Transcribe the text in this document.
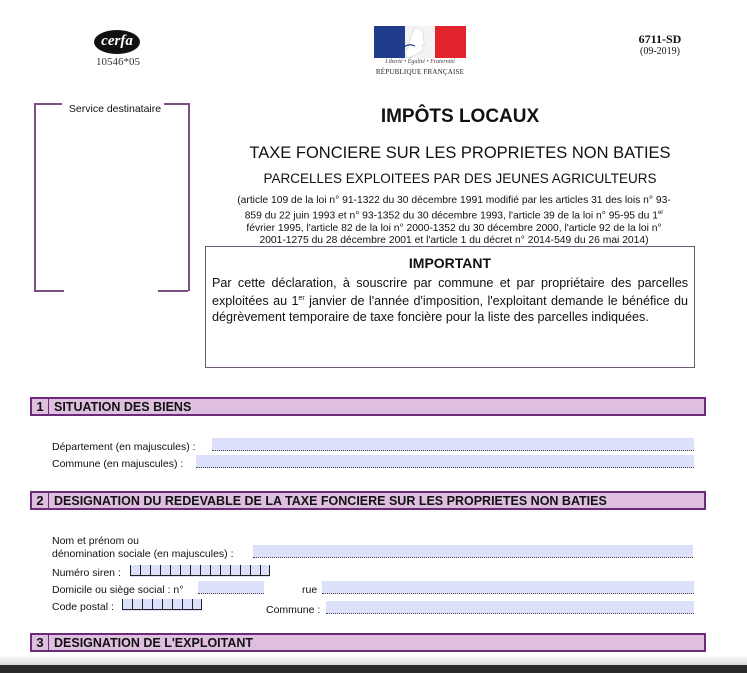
cerfa
10546*05	Liberté • Égalité • Fraternité
RÉPUBLIQUE FRANÇAISE
6711-SD
(09-2019)
Service destinataire	IMPÔTS LOCAUX
TAXE FONCIERE SUR LES PROPRIETES NON BATIES
PARCELLES EXPLOITEES PAR DES JEUNES AGRICULTEURS
(article 109 de la loi n° 91-1322 du 30 décembre 1991 modifié par les articles 31 des lois n° 93-
859 du 22 juin 1993 et n° 93-1352 du 30 décembre 1993, l'article 39 de la loi n° 95-95 du 1er
février 1995, l'article 82 de la loi n° 2000-1352 du 30 décembre 2000, l'article 92 de la loi n°
2001-1275 du 28 décembre 2001 et l'article 1 du décret n° 2014-549 du 26 mai 2014)
IMPORTANT
Par cette déclaration, à souscrire par commune et par propriétaire des parcelles exploitées au 1er janvier de l'année d'imposition, l'exploitant demande le bénéfice du dégrèvement temporaire de taxe foncière pour la liste des parcelles indiquées.
1 SITUATION DES BIENS
Département (en majuscules) :
Commune (en majuscules) :
2 DESIGNATION DU REDEVABLE DE LA TAXE FONCIERE SUR LES PROPRIETES NON BATIES
Nom et prénom ou
dénomination sociale (en majuscules) :
Numéro siren :
Domicile ou siège social : n°	rue
Code postal :	Commune :
3 DESIGNATION DE L'EXPLOITANT
